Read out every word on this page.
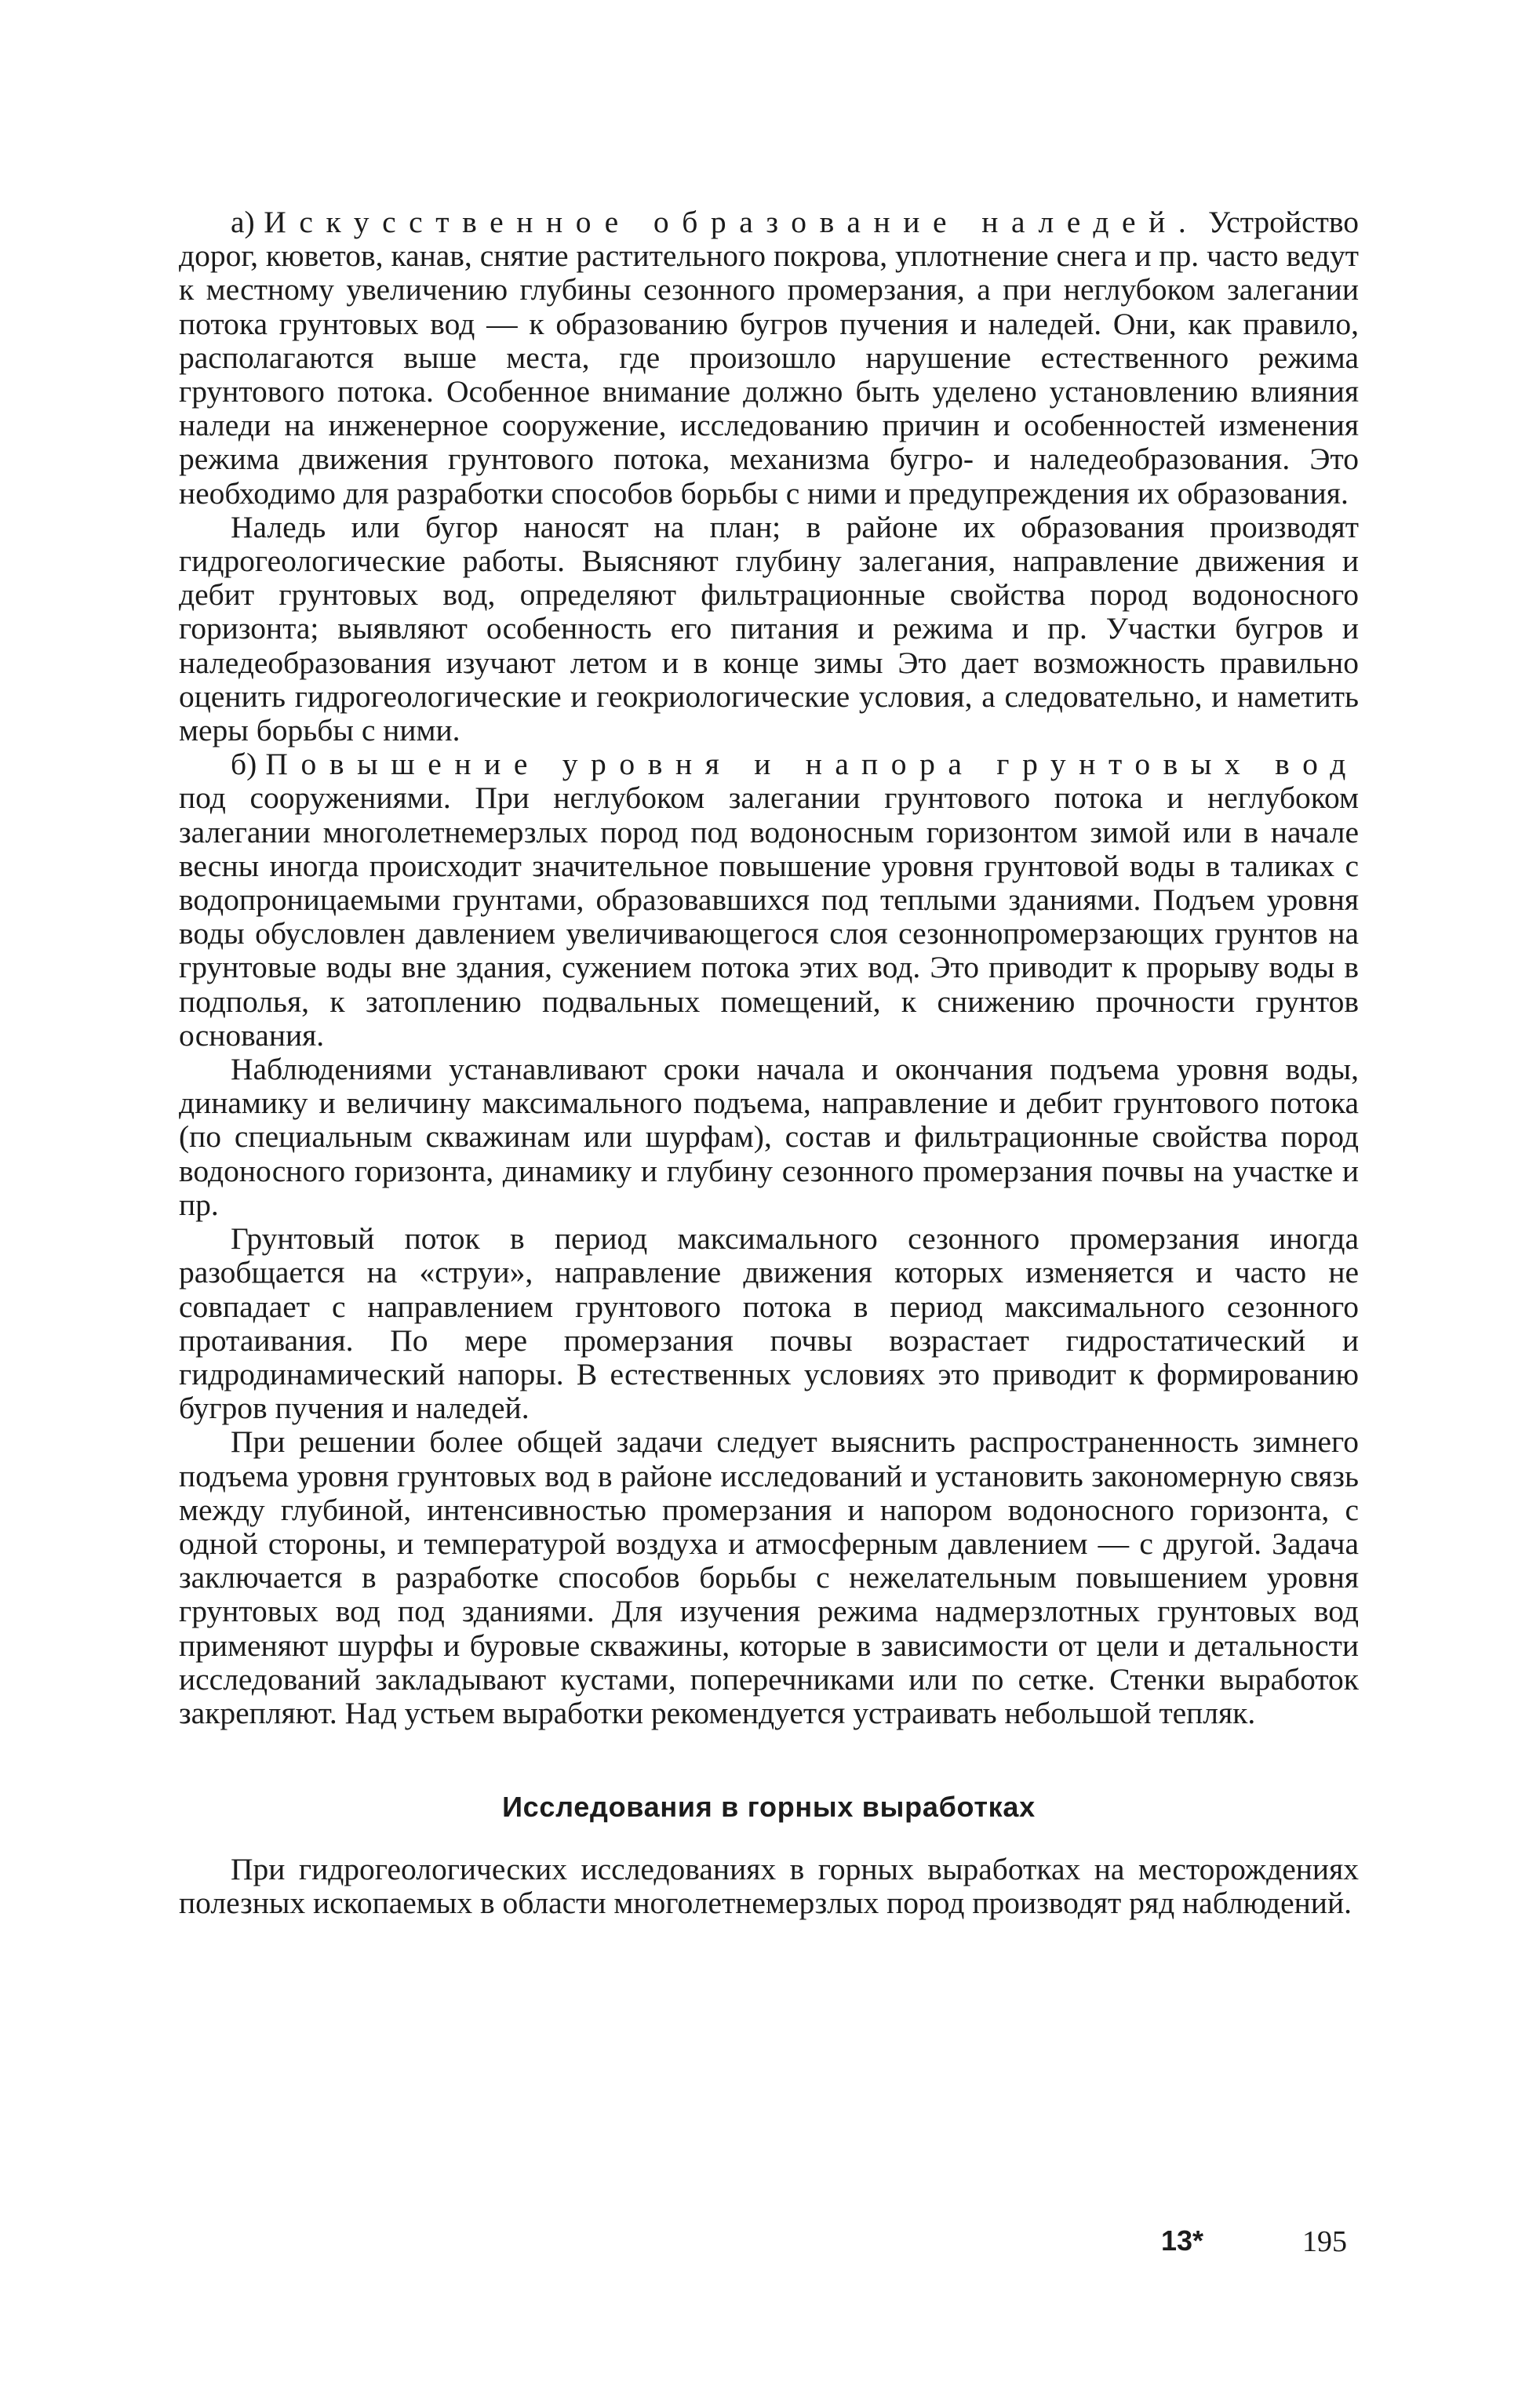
а) Искусственное образование наледей. Устройство дорог, кюветов, канав, снятие растительного покрова, уплотнение снега и пр. часто ведут к местному увеличению глубины сезонного промерзания, а при неглубоком залегании потока грунтовых вод — к образованию бугров пучения и наледей. Они, как правило, располагаются выше места, где произошло нарушение естественного режима грунтового потока. Особенное внимание должно быть уделено установлению влияния наледи на инженерное сооружение, исследованию причин и особенностей изменения режима движения грунтового потока, механизма бугро- и наледеобразования. Это необходимо для разработки способов борьбы с ними и предупреждения их образования.

Наледь или бугор наносят на план; в районе их образования производят гидрогеологические работы. Выясняют глубину залегания, направление движения и дебит грунтовых вод, определяют фильтрационные свойства пород водоносного горизонта; выявляют особенность его питания и режима и пр. Участки бугров и наледеобразования изучают летом и в конце зимы Это дает возможность правильно оценить гидрогеологические и геокриологические условия, а следовательно, и наметить меры борьбы с ними.

б) Повышение уровня и напора грунтовых вод под сооружениями. При неглубоком залегании грунтового потока и неглубоком залегании многолетнемерзлых пород под водоносным горизонтом зимой или в начале весны иногда происходит значительное повышение уровня грунтовой воды в таликах с водопроницаемыми грунтами, образовавшихся под теплыми зданиями. Подъем уровня воды обусловлен давлением увеличивающегося слоя сезоннопромерзающих грунтов на грунтовые воды вне здания, сужением потока этих вод. Это приводит к прорыву воды в подполья, к затоплению подвальных помещений, к снижению прочности грунтов основания.

Наблюдениями устанавливают сроки начала и окончания подъема уровня воды, динамику и величину максимального подъема, направление и дебит грунтового потока (по специальным скважинам или шурфам), состав и фильтрационные свойства пород водоносного горизонта, динамику и глубину сезонного промерзания почвы на участке и пр.

Грунтовый поток в период максимального сезонного промерзания иногда разобщается на «струи», направление движения которых изменяется и часто не совпадает с направлением грунтового потока в период максимального сезонного протаивания. По мере промерзания почвы возрастает гидростатический и гидродинамический напоры. В естественных условиях это приводит к формированию бугров пучения и наледей.

При решении более общей задачи следует выяснить распространенность зимнего подъема уровня грунтовых вод в районе исследований и установить закономерную связь между глубиной, интенсивностью промерзания и напором водоносного горизонта, с одной стороны, и температурой воздуха и атмосферным давлением — с другой. Задача заключается в разработке способов борьбы с нежелательным повышением уровня грунтовых вод под зданиями. Для изучения режима надмерзлотных грунтовых вод применяют шурфы и буровые скважины, которые в зависимости от цели и детальности исследований закладывают кустами, поперечниками или по сетке. Стенки выработок закрепляют. Над устьем выработки рекомендуется устраивать небольшой тепляк.

Исследования в горных выработках

При гидрогеологических исследованиях в горных выработках на месторождениях полезных ископаемых в области многолетнемерзлых пород производят ряд наблюдений.

13*	195
